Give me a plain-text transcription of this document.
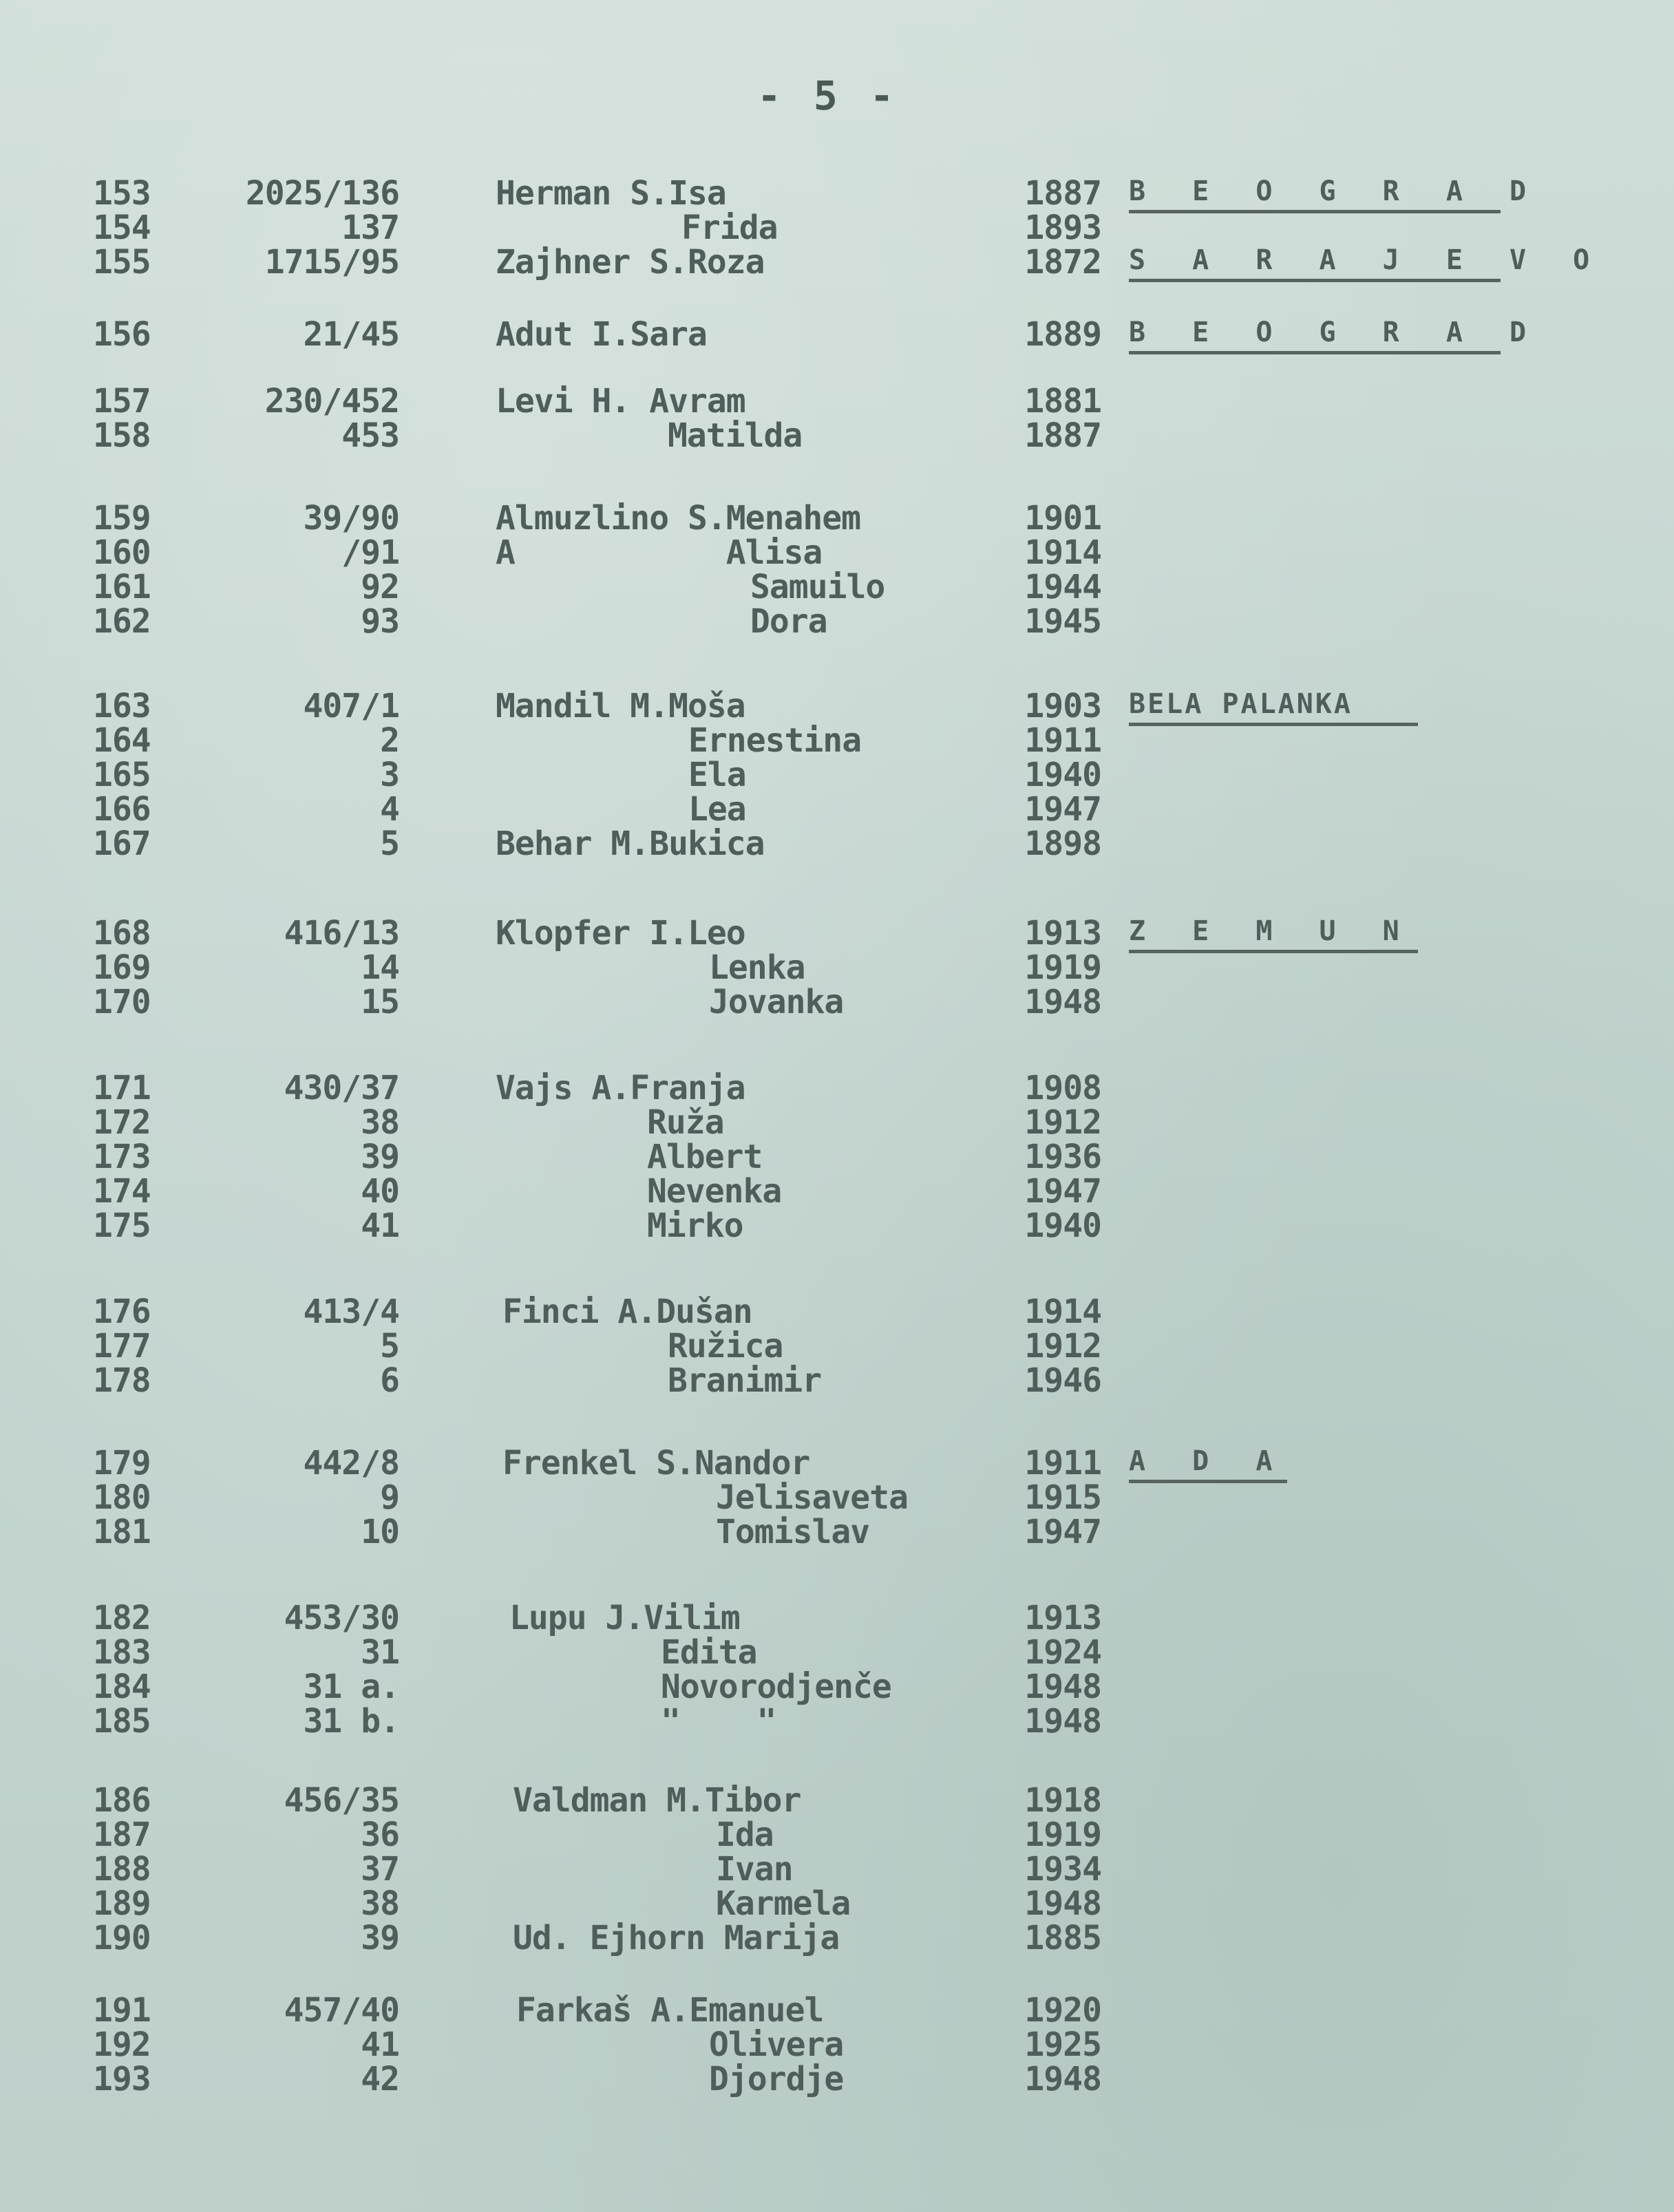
- 5 -
153	2025/136	Herman S.Isa	1887 B E O G R A D
154	137	Frida	1893
155	1715/95	Zajhner S.Roza	1872 S A R A J E V O
156	21/45	Adut I.Sara	1889 B E O G R A D
157	230/452	Levi H. Avram	1881
158	453	Matilda	1887
159	39/90	Almuzlino S.Menahem	1901
160	/91	A           Alisa	1914
161	92	Samuilo	1944
162	93	Dora	1945
163	407/1	Mandil M.Moša	1903 BELA PALANKA
164	2	Ernestina	1911
165	3	Ela	1940
166	4	Lea	1947
167	5	Behar M.Bukica	1898
168	416/13	Klopfer I.Leo	1913 Z E M U N
169	14	Lenka	1919
170	15	Jovanka	1948
171	430/37	Vajs A.Franja	1908
172	38	Ruža	1912
173	39	Albert	1936
174	40	Nevenka	1947
175	41	Mirko	1940
176	413/4	Finci A.Dušan	1914
177	5	Ružica	1912
178	6	Branimir	1946
179	442/8	Frenkel S.Nandor	1911 A D A
180	9	Jelisaveta	1915
181	10	Tomislav	1947
182	453/30	Lupu J.Vilim	1913
183	31	Edita	1924
184	31 a.	Novorodjenče	1948
185	31 b.	"    "	1948
186	456/35	Valdman M.Tibor	1918
187	36	Ida	1919
188	37	Ivan	1934
189	38	Karmela	1948
190	39	Ud. Ejhorn Marija	1885
191	457/40	Farkaš A.Emanuel	1920
192	41	Olivera	1925
193	42	Djordje	1948
